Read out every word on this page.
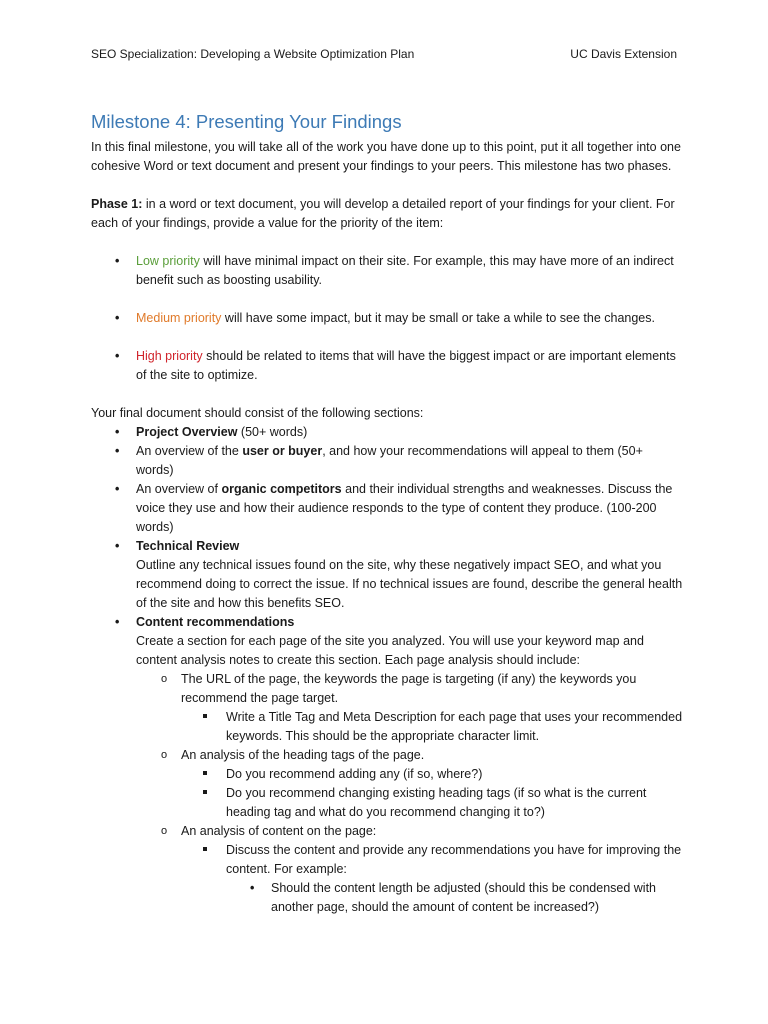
SEO Specialization: Developing a Website Optimization Plan	UC Davis Extension
Milestone 4: Presenting Your Findings

In this final milestone, you will take all of the work you have done up to this point, put it all together into one cohesive Word or text document and present your findings to your peers. This milestone has two phases.

Phase 1: in a word or text document, you will develop a detailed report of your findings for your client. For each of your findings, provide a value for the priority of the item:

• Low priority will have minimal impact on their site. For example, this may have more of an indirect benefit such as boosting usability.
• Medium priority will have some impact, but it may be small or take a while to see the changes.
• High priority should be related to items that will have the biggest impact or are important elements of the site to optimize.

Your final document should consist of the following sections:

• Project Overview (50+ words)
• An overview of the user or buyer, and how your recommendations will appeal to them (50+ words)
• An overview of organic competitors and their individual strengths and weaknesses. Discuss the voice they use and how their audience responds to the type of content they produce. (100-200 words)
• Technical Review
Outline any technical issues found on the site, why these negatively impact SEO, and what you recommend doing to correct the issue. If no technical issues are found, describe the general health of the site and how this benefits SEO.
• Content recommendations
Create a section for each page of the site you analyzed. You will use your keyword map and content analysis notes to create this section. Each page analysis should include:
o The URL of the page, the keywords the page is targeting (if any) the keywords you recommend the page target.
Write a Title Tag and Meta Description for each page that uses your recommended keywords. This should be the appropriate character limit.
o An analysis of the heading tags of the page.
Do you recommend adding any (if so, where?)
Do you recommend changing existing heading tags (if so what is the current heading tag and what do you recommend changing it to?)
o An analysis of content on the page:
Discuss the content and provide any recommendations you have for improving the content. For example:
• Should the content length be adjusted (should this be condensed with another page, should the amount of content be increased?)
